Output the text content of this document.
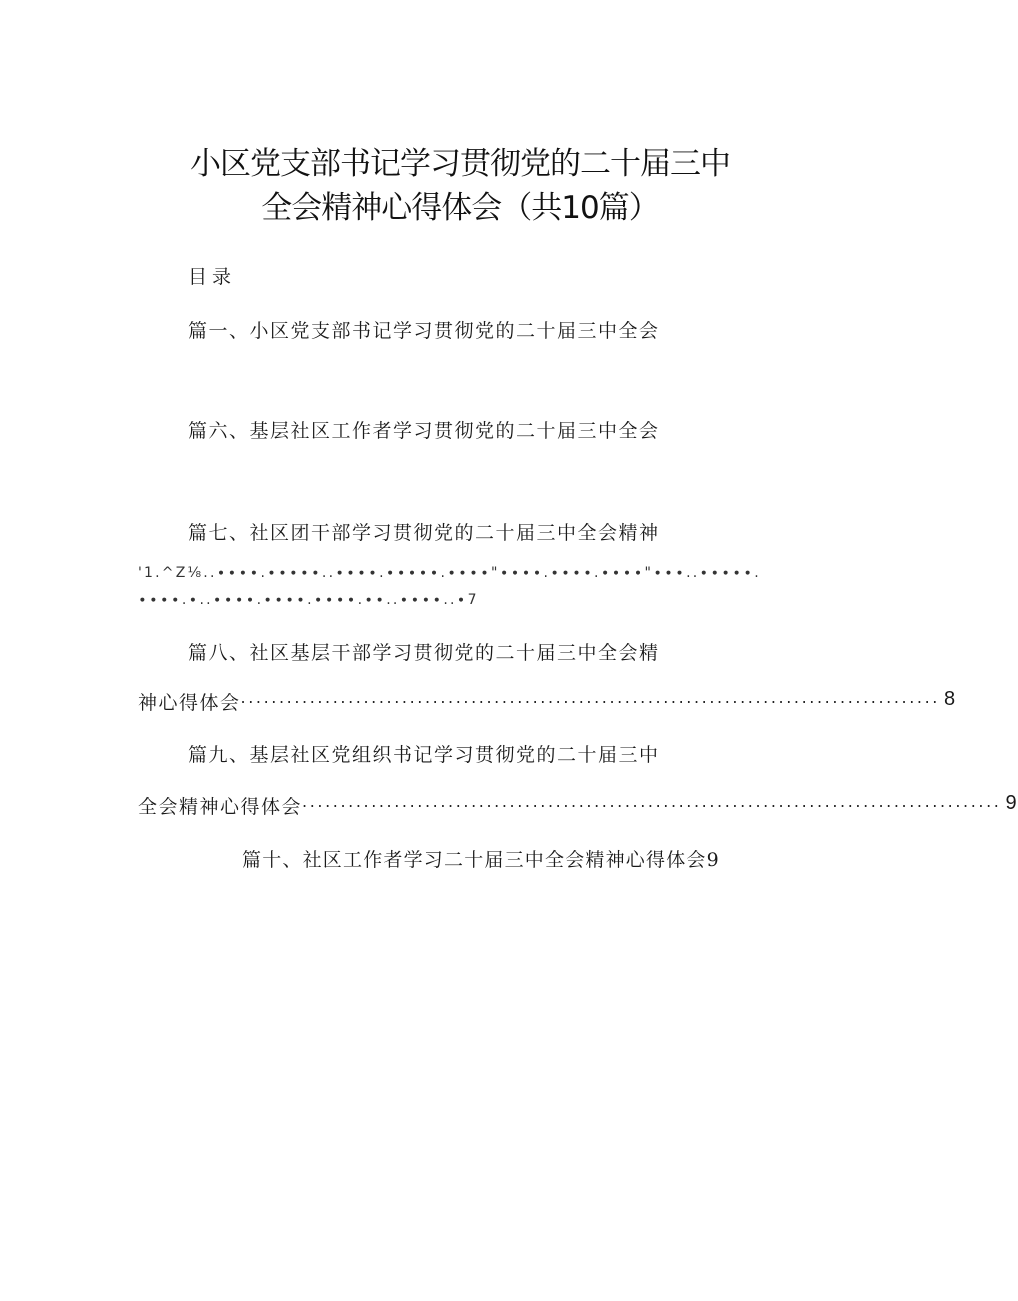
小区党支部书记学习贯彻党的二十届三中
全会精神心得体会（共10篇）
目录
篇一、小区党支部书记学习贯彻党的二十届三中全会
篇六、基层社区工作者学习贯彻党的二十届三中全会
篇七、社区团干部学习贯彻党的二十届三中全会精神
'1.^Z⅛..∙∙∙∙.∙∙∙∙∙..∙∙∙∙.∙∙∙∙∙.∙∙∙∙"∙∙∙∙.∙∙∙∙.∙∙∙∙"∙∙∙..∙∙∙∙∙.
∙∙∙∙.∙..∙∙∙∙.∙∙∙∙.∙∙∙∙.∙∙..∙∙∙∙..∙7
篇八、社区基层干部学习贯彻党的二十届三中全会精
神心得体会 ........................................................................................... 8
篇九、基层社区党组织书记学习贯彻党的二十届三中
全会精神心得体会 ........................................................................................... 9
篇十、社区工作者学习二十届三中全会精神心得体会9
